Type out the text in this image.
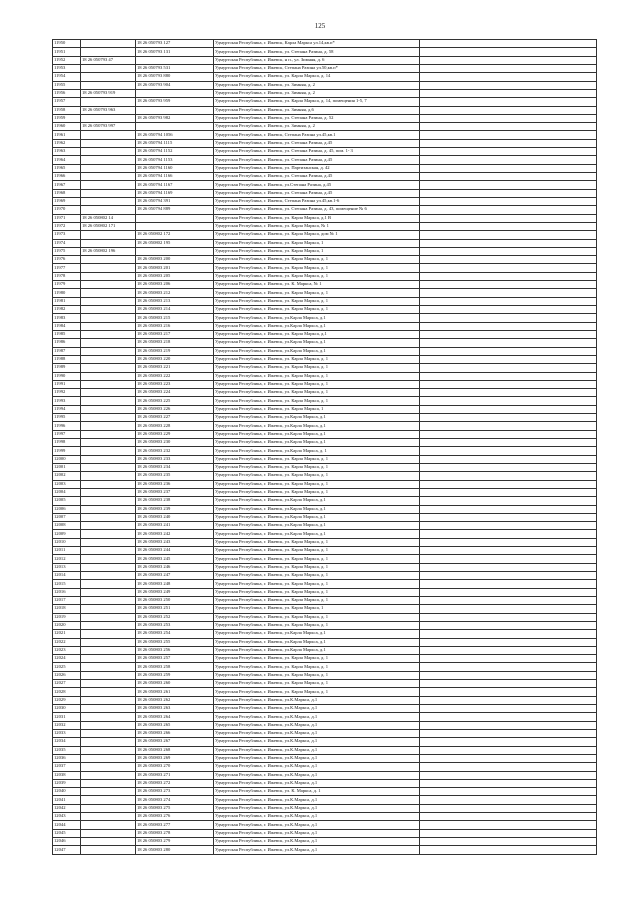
125
11950		18 26 050793 127	Удмуртская Республика, г. Ижевск, Карла Маркса ул.14,кв.п*	
11951		18 26 050793 131	Удмуртская Республика, г. Ижевск, ул. Степана Разина, д. 58	
11952	18 26 050793 47		Удмуртская Республика, г. Ижевск, н п., ул. Зимняя, д. 6	
11953		18 26 050793 531	Удмуртская Республика, г. Ижевск, Степана Разина ул.50,кв.п*	
11954		18 26 050793 880	Удмуртская Республика, г. Ижевск, ул. Карла Маркса, д. 14	
11955		18 26 050793 904	Удмуртская Республика, г. Ижевск, ул. Зимняя, д. 2	
11956	18 26 050793 919		Удмуртская Республика, г. Ижевск, ул. Зимняя, д. 2	
11957		18 26 050793 959	Удмуртская Республика, г. Ижевск, ул. Карла Маркса, д. 14, помещения 1-5, 7	
11958	18 26 050793 963		Удмуртская Республика, г. Ижевск, ул. Зимняя, д.6	
11959		18 26 050793 982	Удмуртская Республика, г. Ижевск, ул. Степана Разина, д. 52	
11960	18 26 050793 997		Удмуртская Республика, г. Ижевск, ул. Зимняя, д. 2	
11961		18 26 050794 1056	Удмуртская Республика, г. Ижевск, Степана Разина ул.45,кв.1	
11962		18 26 050794 1115	Удмуртская Республика, г. Ижевск, ул. Степана Разина, д.45	
11963		18 26 050794 1152	Удмуртская Республика, г. Ижевск, ул. Степана Разина, д. 45, пом. 1- 3	
11964		18 26 050794 1153	Удмуртская Республика, г. Ижевск, ул. Степана Разина, д.45	
11965		18 26 050794 1160	Удмуртская Республика, г. Ижевск, ул. Партизанская, д. 42	
11966		18 26 050794 1166	Удмуртская Республика, г. Ижевск, ул. Степана Разина, д.45	
11967		18 26 050794 1167	Удмуртская Республика, г. Ижевск, ул.Степана Разина, д.45	
11968		18 26 050794 1169	Удмуртская Республика, г. Ижевск, ул. Степана Разина, д.45	
11969		18 26 050794 391	Удмуртская Республика, г. Ижевск, Степана Разина ул.45,кв.1-6	
11970		18 26 050794 889	Удмуртская Республика, г. Ижевск, ул. Степана Разина, д. 43, помещение № 6	
11971	18 26 050802 14		Удмуртская Республика, г. Ижевск, ул. Карла Маркса, д.1 В	
11972	18 26 050802 171		Удмуртская Республика, г. Ижевск, ул. Карла Маркса, № 1	
11973		18 26 050802 172	Удмуртская Республика, г. Ижевск, ул. Карла Маркса, дом № 1	
11974		18 26 050802 195	Удмуртская Республика, г. Ижевск, ул. Карла Маркса, 1	
11975	18 26 050802 196		Удмуртская Республика, г. Ижевск, ул. Карла Маркса, 1	
11976		18 26 050803 200	Удмуртская Республика, г. Ижевск, ул. Карла Маркса, д. 1	
11977		18 26 050803 201	Удмуртская Республика, г. Ижевск, ул. Карла Маркса, д. 1	
11978		18 26 050803 205	Удмуртская Республика, г. Ижевск, ул. Карла Маркса, д. 1	
11979		18 26 050803 206	Удмуртская Республика, г. Ижевск, ул. К. Маркса, № 1	
11980		18 26 050803 212	Удмуртская Республика, г. Ижевск, ул. Карла Маркса, д. 1	
11981		18 26 050803 213	Удмуртская Республика, г. Ижевск, ул. Карла Маркса, д. 1	
11982		18 26 050803 214	Удмуртская Республика, г. Ижевск, ул. Карла Маркса, д. 1	
11983		18 26 050803 215	Удмуртская Республика, г. Ижевск, ул.Карла Маркса, д.1	
11984		18 26 050803 216	Удмуртская Республика, г. Ижевск, ул.Карла Маркса, д.1	
11985		18 26 050803 217	Удмуртская Республика, г. Ижевск, ул. Карла Маркса, д.1	
11986		18 26 050803 218	Удмуртская Республика, г. Ижевск, ул.Карла Маркса, д.1	
11987		18 26 050803 219	Удмуртская Республика, г. Ижевск, ул.Карла Маркса, д.1	
11988		18 26 050803 220	Удмуртская Республика, г. Ижевск, ул. Карла Маркса, д. 1	
11989		18 26 050803 221	Удмуртская Республика, г. Ижевск, ул. Карла Маркса, д. 1	
11990		18 26 050803 222	Удмуртская Республика, г. Ижевск, ул. Карла Маркса, д. 1	
11991		18 26 050803 223	Удмуртская Республика, г. Ижевск, ул. Карла Маркса, д. 1	
11992		18 26 050803 224	Удмуртская Республика, г. Ижевск, ул. Карла Маркса, д. 1	
11993		18 26 050803 225	Удмуртская Республика, г. Ижевск, ул. Карла Маркса, д. 1	
11994		18 26 050803 226	Удмуртская Республика, г. Ижевск, ул. Карла Маркса, 1	
11995		18 26 050803 227	Удмуртская Республика, г. Ижевск, ул.Карла Маркса, д.1	
11996		18 26 050803 228	Удмуртская Республика, г. Ижевск, ул.Карла Маркса, д.1	
11997		18 26 050803 229	Удмуртская Республика, г. Ижевск, ул.Карла Маркса, д.1	
11998		18 26 050803 230	Удмуртская Республика, г. Ижевск, ул.Карла Маркса, д.1	
11999		18 26 050803 232	Удмуртская Республика, г. Ижевск, ул.Карла Маркса, д. 1	
12000		18 26 050803 233	Удмуртская Республика, г. Ижевск, ул. Карла Маркса, д. 1	
12001		18 26 050803 234	Удмуртская Республика, г. Ижевск, ул. Карла Маркса, д. 1	
12002		18 26 050803 235	Удмуртская Республика, г. Ижевск, ул. Карла Маркса, д. 1	
12003		18 26 050803 236	Удмуртская Республика, г. Ижевск, ул. Карла Маркса, д. 1	
12004		18 26 050803 237	Удмуртская Республика, г. Ижевск, ул. Карла Маркса, д. 1	
12005		18 26 050803 238	Удмуртская Республика, г. Ижевск, ул.Карла Маркса, д.1	
12006		18 26 050803 239	Удмуртская Республика, г. Ижевск, ул.Карла Маркса, д.1	
12007		18 26 050803 240	Удмуртская Республика, г. Ижевск, ул.Карла Маркса, д.1	
12008		18 26 050803 241	Удмуртская Республика, г. Ижевск, ул.Карла Маркса, д.1	
12009		18 26 050803 242	Удмуртская Республика, г. Ижевск, ул.Карла Маркса, д.1	
12010		18 26 050803 243	Удмуртская Республика, г. Ижевск, ул. Карла Маркса, д. 1	
12011		18 26 050803 244	Удмуртская Республика, г. Ижевск, ул. Карла Маркса, д. 1	
12012		18 26 050803 245	Удмуртская Республика, г. Ижевск, ул. Карла Маркса, д. 1	
12013		18 26 050803 246	Удмуртская Республика, г. Ижевск, ул. Карла Маркса, д. 1	
12014		18 26 050803 247	Удмуртская Республика, г. Ижевск, ул. Карла Маркса, д. 1	
12015		18 26 050803 248	Удмуртская Республика, г. Ижевск, ул. Карла Маркса, д. 1	
12016		18 26 050803 249	Удмуртская Республика, г. Ижевск, ул. Карла Маркса, д. 1	
12017		18 26 050803 250	Удмуртская Республика, г. Ижевск, ул. Карла Маркса, д. 1	
12018		18 26 050803 251	Удмуртская Республика, г. Ижевск, ул. Карла Маркса, 1	
12019		18 26 050803 252	Удмуртская Республика, г. Ижевск, ул. Карла Маркса, д. 1	
12020		18 26 050803 253	Удмуртская Республика, г. Ижевск, ул. Карла Маркса, д. 1	
12021		18 26 050803 254	Удмуртская Республика, г. Ижевск, ул.Карла Маркса, д.1	
12022		18 26 050803 255	Удмуртская Республика, г. Ижевск, ул.Карла Маркса, д.1	
12023		18 26 050803 256	Удмуртская Республика, г. Ижевск, ул.Карла Маркса, д.1	
12024		18 26 050803 257	Удмуртская Республика, г. Ижевск, ул. Карла Маркса, д. 1	
12025		18 26 050803 258	Удмуртская Республика, г. Ижевск, ул. Карла Маркса, д. 1	
12026		18 26 050803 259	Удмуртская Республика, г. Ижевск, ул. Карла Маркса, д. 1	
12027		18 26 050803 260	Удмуртская Республика, г. Ижевск, ул. Карла Маркса, д. 1	
12028		18 26 050803 261	Удмуртская Республика, г. Ижевск, ул. Карла Маркса, д. 1	
12029		18 26 050803 262	Удмуртская Республика, г. Ижевск, ул.К.Маркса, д.1	
12030		18 26 050803 263	Удмуртская Республика, г. Ижевск, ул.К.Маркса, д.1	
12031		18 26 050803 264	Удмуртская Республика, г. Ижевск, ул.К.Маркса, д.1	
12032		18 26 050803 265	Удмуртская Республика, г. Ижевск, ул.К.Маркса, д.1	
12033		18 26 050803 266	Удмуртская Республика, г. Ижевск, ул.К.Маркса, д.1	
12034		18 26 050803 267	Удмуртская Республика, г. Ижевск, ул.К.Маркса, д.1	
12035		18 26 050803 268	Удмуртская Республика, г. Ижевск, ул.К.Маркса, д.1	
12036		18 26 050803 269	Удмуртская Республика, г. Ижевск, ул.К.Маркса, д.1	
12037		18 26 050803 270	Удмуртская Республика, г. Ижевск, ул.К.Маркса, д.1	
12038		18 26 050803 271	Удмуртская Республика, г. Ижевск, ул.К.Маркса, д.1	
12039		18 26 050803 272	Удмуртская Республика, г. Ижевск, ул.К.Маркса, д.1	
12040		18 26 050803 273	Удмуртская Республика, г. Ижевск, ул. К. Маркса, д. 1	
12041		18 26 050803 274	Удмуртская Республика, г. Ижевск, ул.К.Маркса, д.1	
12042		18 26 050803 275	Удмуртская Республика, г. Ижевск, ул.К.Маркса, д.1	
12043		18 26 050803 276	Удмуртская Республика, г. Ижевск, ул.К.Маркса, д.1	
12044		18 26 050803 277	Удмуртская Республика, г. Ижевск, ул.К.Маркса, д.1	
12045		18 26 050803 278	Удмуртская Республика, г. Ижевск, ул.К.Маркса, д.1	
12046		18 26 050803 279	Удмуртская Республика, г. Ижевск, ул.К.Маркса, д.1	
12047		18 26 050803 280	Удмуртская Республика, г. Ижевск, ул.К.Маркса, д.1	
